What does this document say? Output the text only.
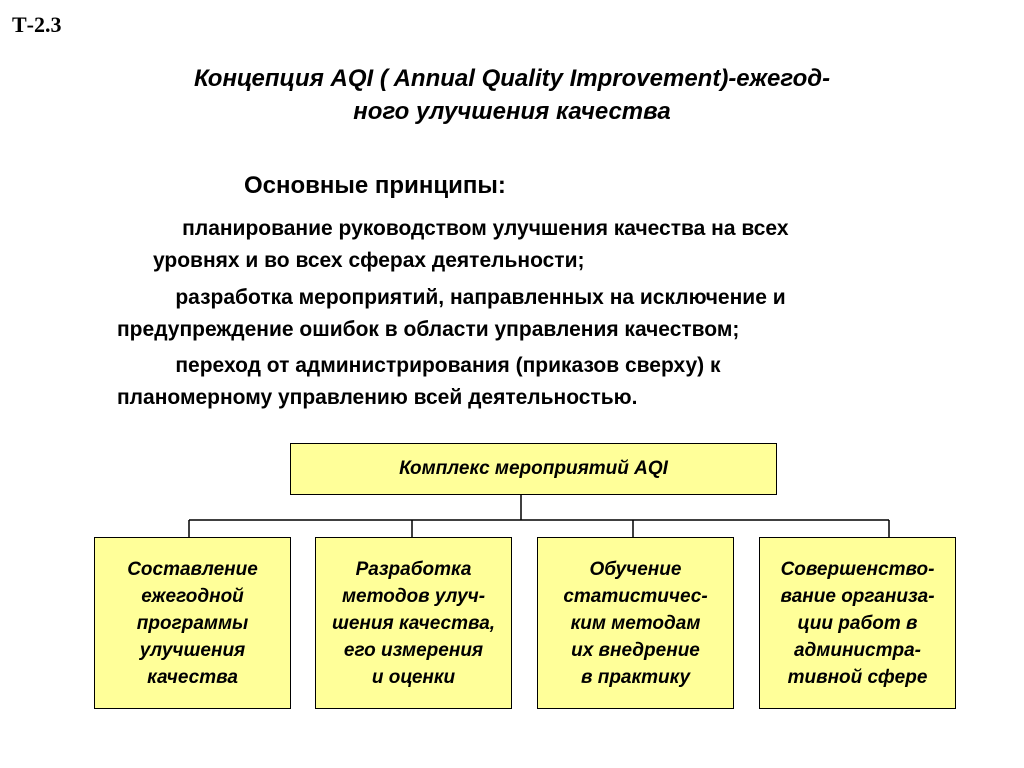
Т-2.3
Концепция AQI ( Annual Quality Improvement)-ежегод-
ного улучшения качества
Основные принципы:
планирование руководством улучшения качества на всех
уровнях и во всех сферах деятельности;
разработка мероприятий, направленных на исключение и
предупреждение ошибок в области управления качеством;
переход от администрирования (приказов сверху) к
планомерному управлению всей деятельностью.
Комплекс мероприятий AQI
Составление
ежегодной
программы
улучшения
качества
Разработка
методов улуч-
шения качества,
его измерения
и оценки
Обучение
статистичес-
ким методам
их внедрение
в практику
Совершенство-
вание организа-
ции работ в
администра-
тивной сфере
